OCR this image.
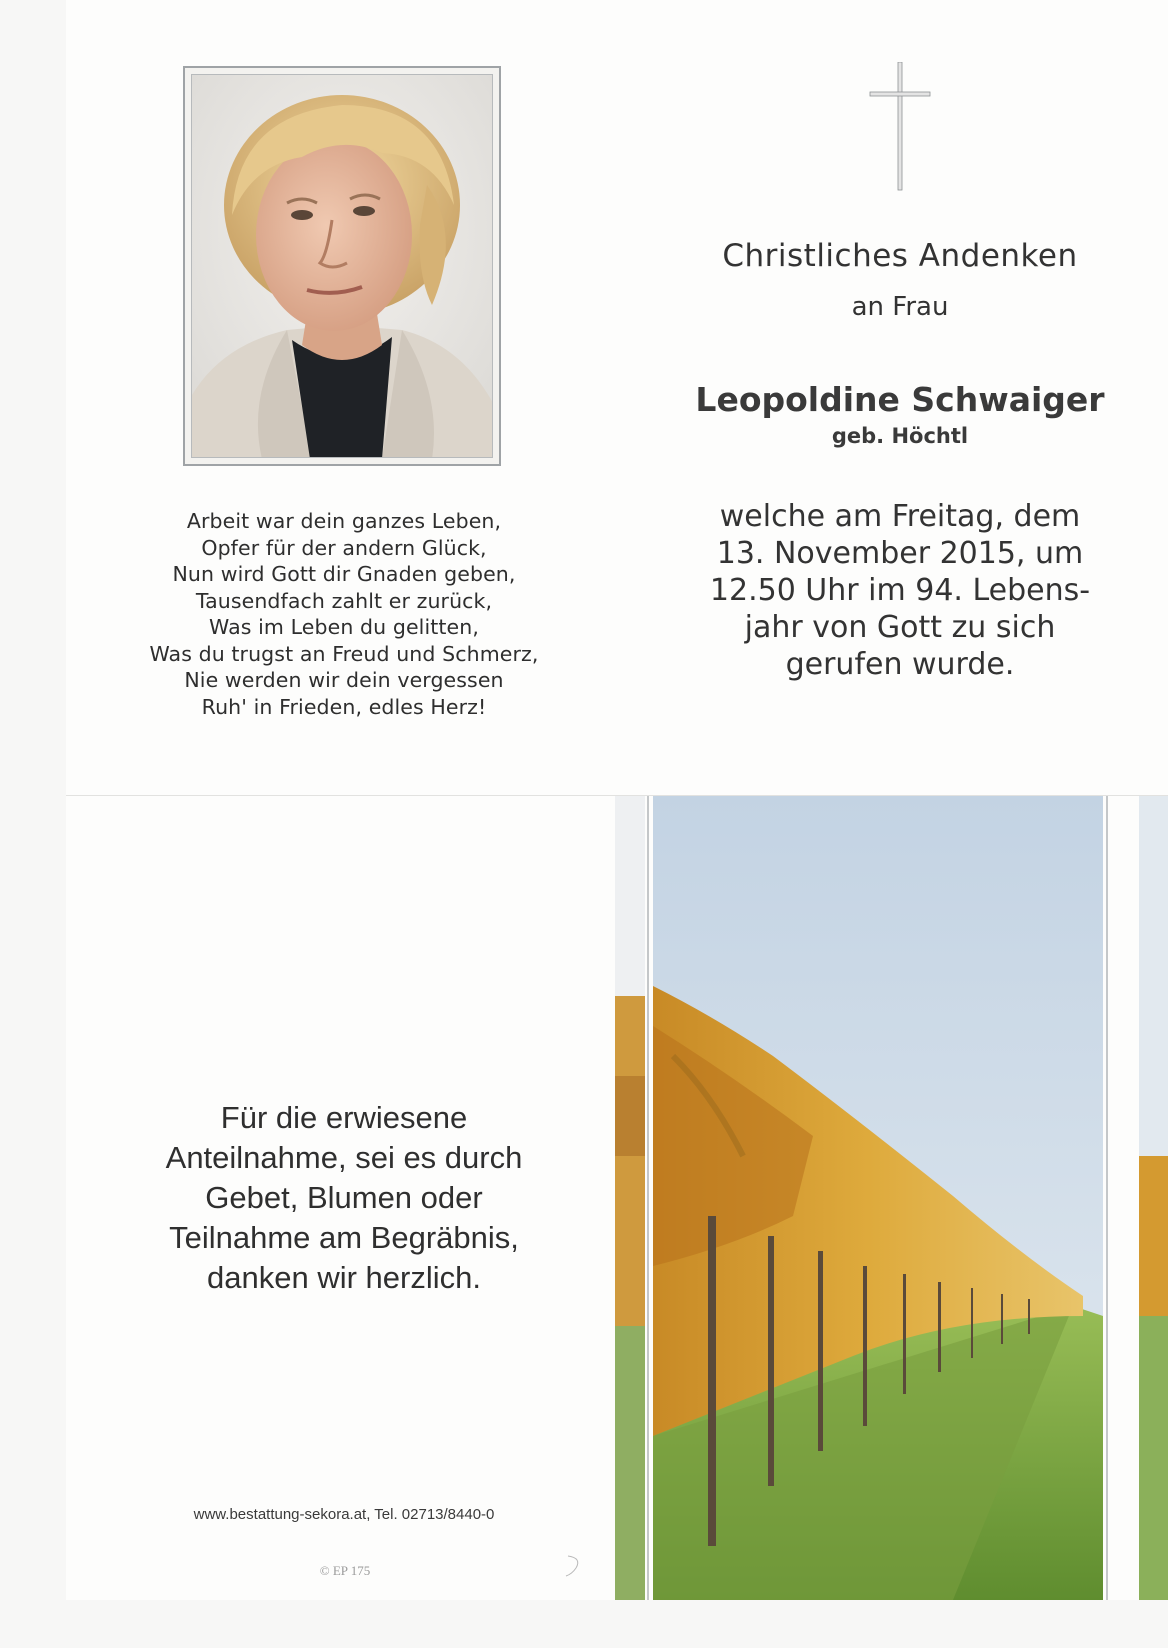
Arbeit war dein ganzes Leben,
Opfer für der andern Glück,
Nun wird Gott dir Gnaden geben,
Tausendfach zahlt er zurück,
Was im Leben du gelitten,
Was du trugst an Freud und Schmerz,
Nie werden wir dein vergessen
Ruh' in Frieden, edles Herz!
Christliches Andenken
an Frau
Leopoldine Schwaiger
geb. Höchtl
welche am Freitag, dem
13. November 2015, um
12.50 Uhr im 94. Lebens-
jahr von Gott zu sich
gerufen wurde.
Für die erwiesene
Anteilnahme, sei es durch
Gebet, Blumen oder
Teilnahme am Begräbnis,
danken wir herzlich.
www.bestattung-sekora.at, Tel. 02713/8440-0
© EP 175
